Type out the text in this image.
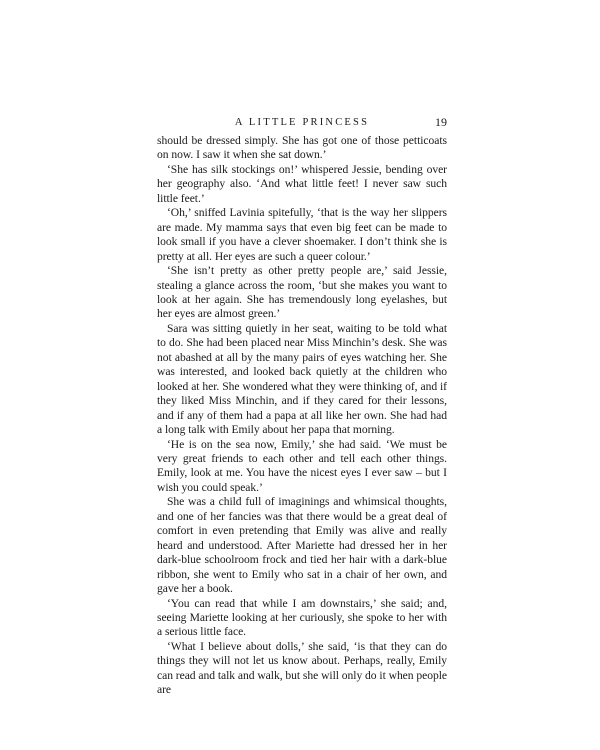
A LITTLE PRINCESS	19

should be dressed simply. She has got one of those petticoats on now. I saw it when she sat down.’

‘She has silk stockings on!’ whispered Jessie, bending over her geography also. ‘And what little feet! I never saw such little feet.’

‘Oh,’ sniffed Lavinia spitefully, ‘that is the way her slippers are made. My mamma says that even big feet can be made to look small if you have a clever shoemaker. I don’t think she is pretty at all. Her eyes are such a queer colour.’

‘She isn’t pretty as other pretty people are,’ said Jessie, stealing a glance across the room, ‘but she makes you want to look at her again. She has tremendously long eyelashes, but her eyes are almost green.’

Sara was sitting quietly in her seat, waiting to be told what to do. She had been placed near Miss Minchin’s desk. She was not abashed at all by the many pairs of eyes watching her. She was interested, and looked back quietly at the children who looked at her. She wondered what they were thinking of, and if they liked Miss Minchin, and if they cared for their lessons, and if any of them had a papa at all like her own. She had had a long talk with Emily about her papa that morning.

‘He is on the sea now, Emily,’ she had said. ‘We must be very great friends to each other and tell each other things. Emily, look at me. You have the nicest eyes I ever saw – but I wish you could speak.’

She was a child full of imaginings and whimsical thoughts, and one of her fancies was that there would be a great deal of comfort in even pretending that Emily was alive and really heard and understood. After Mariette had dressed her in her dark-blue schoolroom frock and tied her hair with a dark-blue ribbon, she went to Emily who sat in a chair of her own, and gave her a book.

‘You can read that while I am downstairs,’ she said; and, seeing Mariette looking at her curiously, she spoke to her with a serious little face.

‘What I believe about dolls,’ she said, ‘is that they can do things they will not let us know about. Perhaps, really, Emily can read and talk and walk, but she will only do it when people are
